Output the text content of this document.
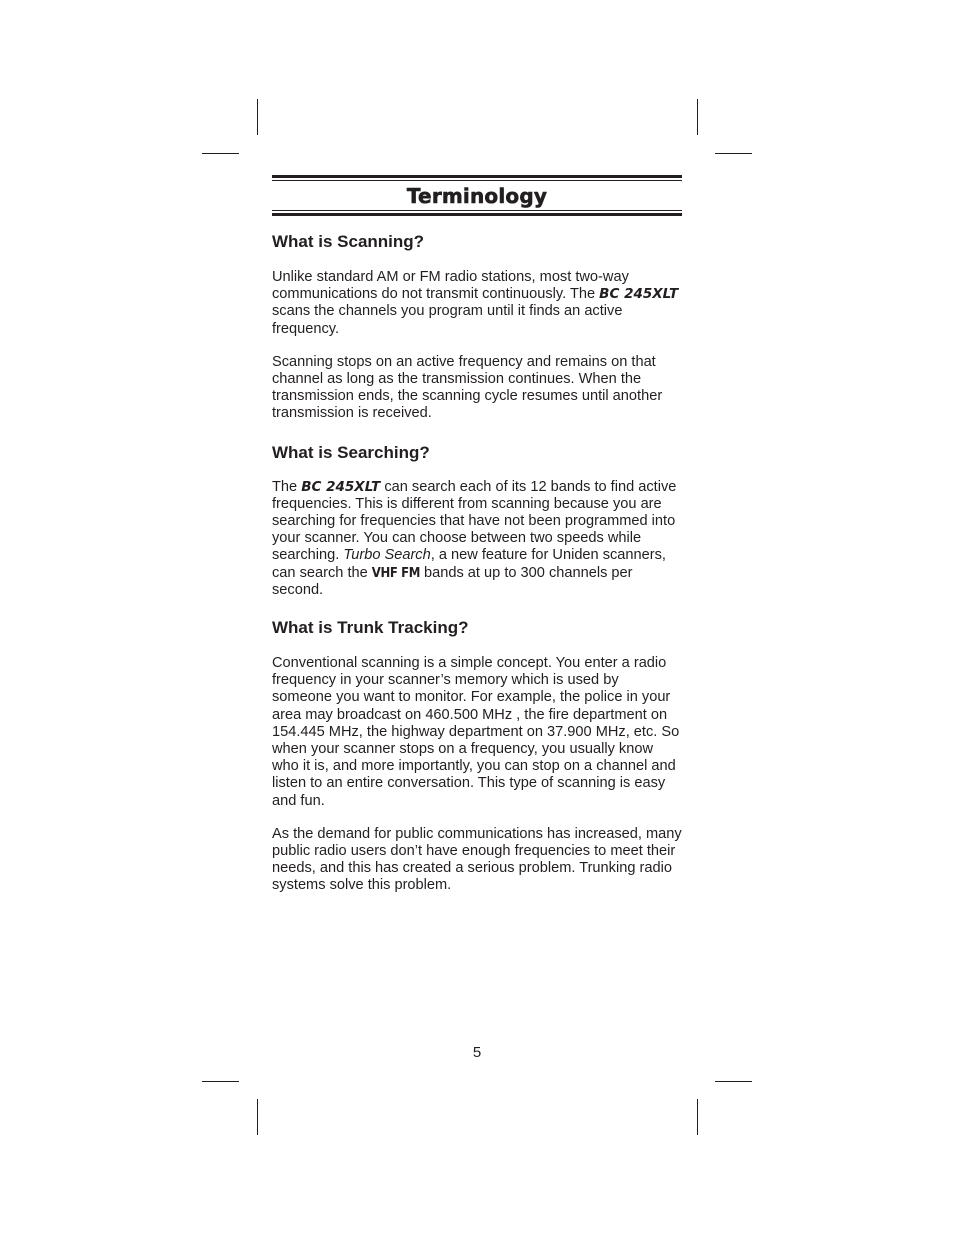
Terminology
What is Scanning?

Unlike standard AM or FM radio stations, most two-way communications do not transmit continuously. The BC 245XLT scans the channels you program until it finds an active frequency.

Scanning stops on an active frequency and remains on that channel as long as the transmission continues. When the transmission ends, the scanning cycle resumes until another transmission is received.

What is Searching?

The BC 245XLT can search each of its 12 bands to find active frequencies. This is different from scanning because you are searching for frequencies that have not been programmed into your scanner. You can choose between two speeds while searching. Turbo Search, a new feature for Uniden scanners, can search the VHF FM bands at up to 300 channels per second.

What is Trunk Tracking?

Conventional scanning is a simple concept. You enter a radio frequency in your scanner’s memory which is used by someone you want to monitor. For example, the police in your area may broadcast on 460.500 MHz , the fire department on 154.445 MHz, the highway department on 37.900 MHz, etc. So when your scanner stops on a frequency, you usually know who it is, and more importantly, you can stop on a channel and listen to an entire conversation. This type of scanning is easy and fun.

As the demand for public communications has increased, many public radio users don’t have enough frequencies to meet their needs, and this has created a serious problem. Trunking radio systems solve this problem.

5
